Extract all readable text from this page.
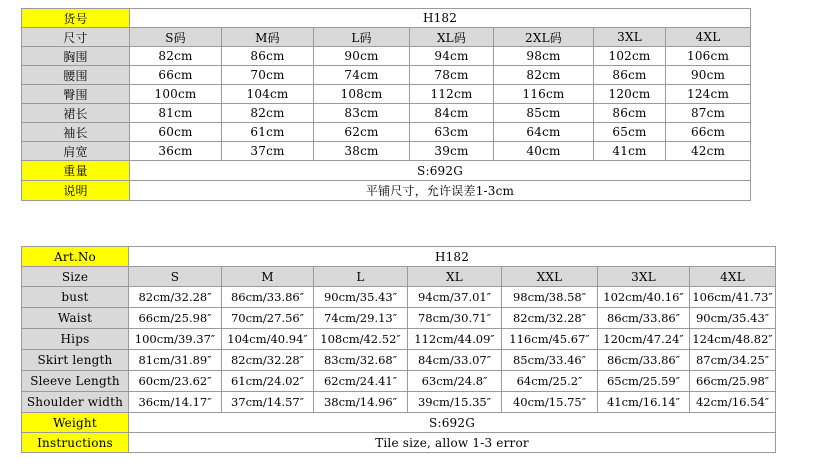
货号	H182						
尺寸	S码	M码	L码	XL码	2XL码	3XL	4XL
胸围	82cm	86cm	90cm	94cm	98cm	102cm	106cm
腰围	66cm	70cm	74cm	78cm	82cm	86cm	90cm
臀围	100cm	104cm	108cm	112cm	116cm	120cm	124cm
裙长	81cm	82cm	83cm	84cm	85cm	86cm	87cm
袖长	60cm	61cm	62cm	63cm	64cm	65cm	66cm
肩宽	36cm	37cm	38cm	39cm	40cm	41cm	42cm
重量	S:692G						
说明	平铺尺寸，允许误差1-3cm						
Art.No	H182						
Size	S	M	L	XL	XXL	3XL	4XL
bust	82cm/32.28″	86cm/33.86″	90cm/35.43″	94cm/37.01″	98cm/38.58″	102cm/40.16″	106cm/41.73″
Waist	66cm/25.98″	70cm/27.56″	74cm/29.13″	78cm/30.71″	82cm/32.28″	86cm/33.86″	90cm/35.43″
Hips	100cm/39.37″	104cm/40.94″	108cm/42.52″	112cm/44.09″	116cm/45.67″	120cm/47.24″	124cm/48.82″
Skirt length	81cm/31.89″	82cm/32.28″	83cm/32.68″	84cm/33.07″	85cm/33.46″	86cm/33.86″	87cm/34.25″
Sleeve Length	60cm/23.62″	61cm/24.02″	62cm/24.41″	63cm/24.8″	64cm/25.2″	65cm/25.59″	66cm/25.98″
Shoulder width	36cm/14.17″	37cm/14.57″	38cm/14.96″	39cm/15.35″	40cm/15.75″	41cm/16.14″	42cm/16.54″
Weight	S:692G						
Instructions	Tile size, allow 1-3 error						
